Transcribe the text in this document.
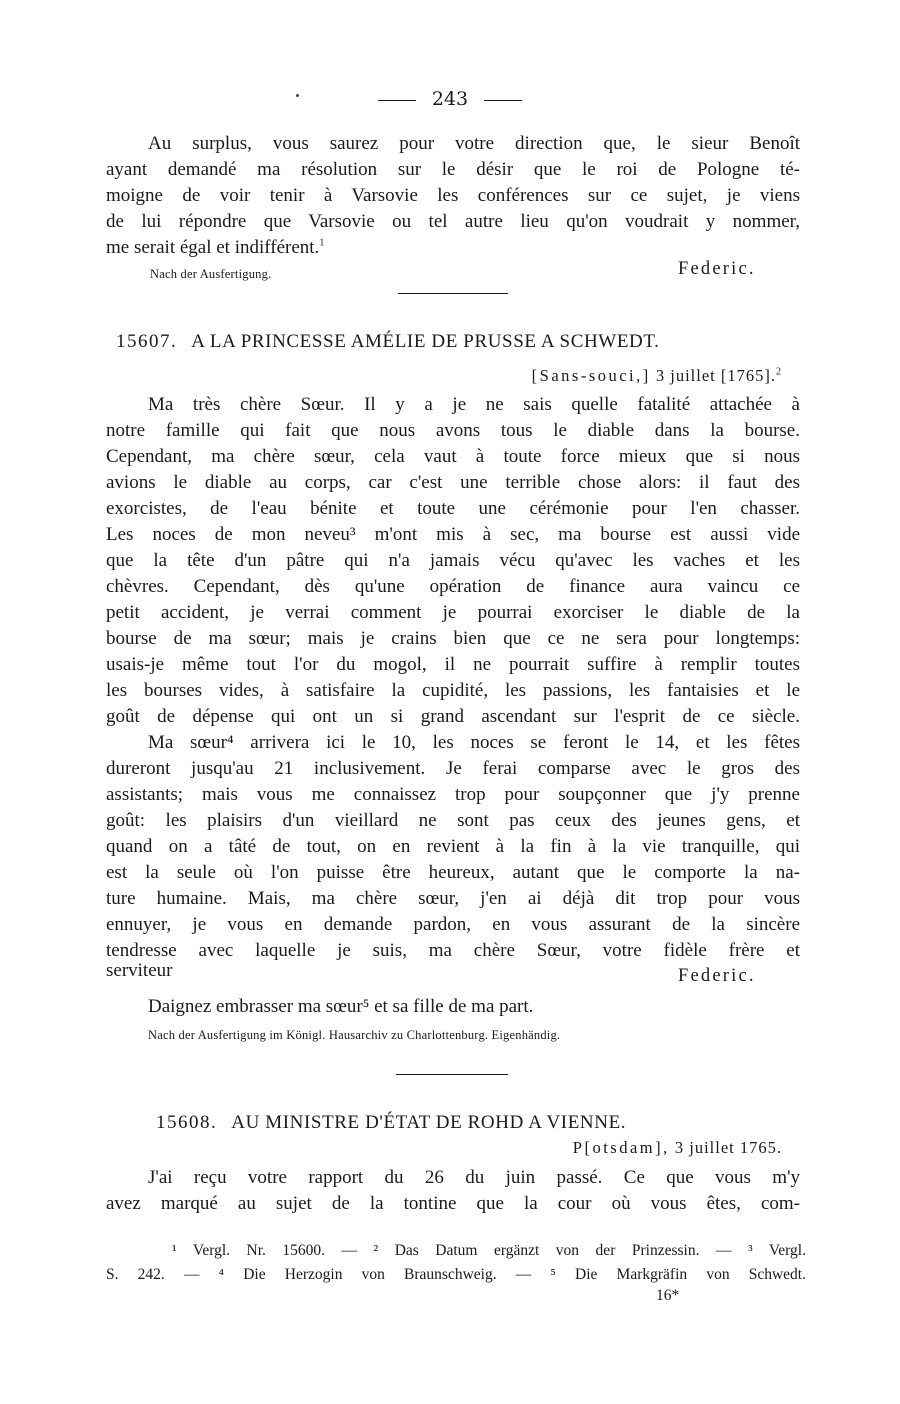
243
Au surplus, vous saurez pour votre direction que, le sieur Benoît
ayant demandé ma résolution sur le désir que le roi de Pologne té-
moigne de voir tenir à Varsovie les conférences sur ce sujet, je viens
de lui répondre que Varsovie ou tel autre lieu qu'on voudrait y nommer,
me serait égal et indifférent.$^1$
Nach der Ausfertigung.	Federic.
15607. A LA PRINCESSE AMÉLIE DE PRUSSE A SCHWEDT.
[Sans-souci,] 3 juillet [1765].$^2$
Ma très chère Sœur. Il y a je ne sais quelle fatalité attachée à
notre famille qui fait que nous avons tous le diable dans la bourse.
Cependant, ma chère sœur, cela vaut à toute force mieux que si nous
avions le diable au corps, car c'est une terrible chose alors: il faut des
exorcistes, de l'eau bénite et toute une cérémonie pour l'en chasser.
Les noces de mon neveu³ m'ont mis à sec, ma bourse est aussi vide
que la tête d'un pâtre qui n'a jamais vécu qu'avec les vaches et les
chèvres. Cependant, dès qu'une opération de finance aura vaincu ce
petit accident, je verrai comment je pourrai exorciser le diable de la
bourse de ma sœur; mais je crains bien que ce ne sera pour longtemps:
usais-je même tout l'or du mogol, il ne pourrait suffire à remplir toutes
les bourses vides, à satisfaire la cupidité, les passions, les fantaisies et le
goût de dépense qui ont un si grand ascendant sur l'esprit de ce siècle.
Ma sœur⁴ arrivera ici le 10, les noces se feront le 14, et les fêtes
dureront jusqu'au 21 inclusivement. Je ferai comparse avec le gros des
assistants; mais vous me connaissez trop pour soupçonner que j'y prenne
goût: les plaisirs d'un vieillard ne sont pas ceux des jeunes gens, et
quand on a tâté de tout, on en revient à la fin à la vie tranquille, qui
est la seule où l'on puisse être heureux, autant que le comporte la na-
ture humaine. Mais, ma chère sœur, j'en ai déjà dit trop pour vous
ennuyer, je vous en demande pardon, en vous assurant de la sincère
tendresse avec laquelle je suis, ma chère Sœur, votre fidèle frère et
serviteur	Federic.
Daignez embrasser ma sœur⁵ et sa fille de ma part.
Nach der Ausfertigung im Königl. Hausarchiv zu Charlottenburg. Eigenhändig.
15608. AU MINISTRE D'ÉTAT DE ROHD A VIENNE.
P[otsdam], 3 juillet 1765.
J'ai reçu votre rapport du 26 du juin passé. Ce que vous m'y
avez marqué au sujet de la tontine que la cour où vous êtes, com-
¹ Vergl. Nr. 15600. — ² Das Datum ergänzt von der Prinzessin. — ³ Vergl.
S. 242. — ⁴ Die Herzogin von Braunschweig. — ⁵ Die Markgräfin von Schwedt.
16*
